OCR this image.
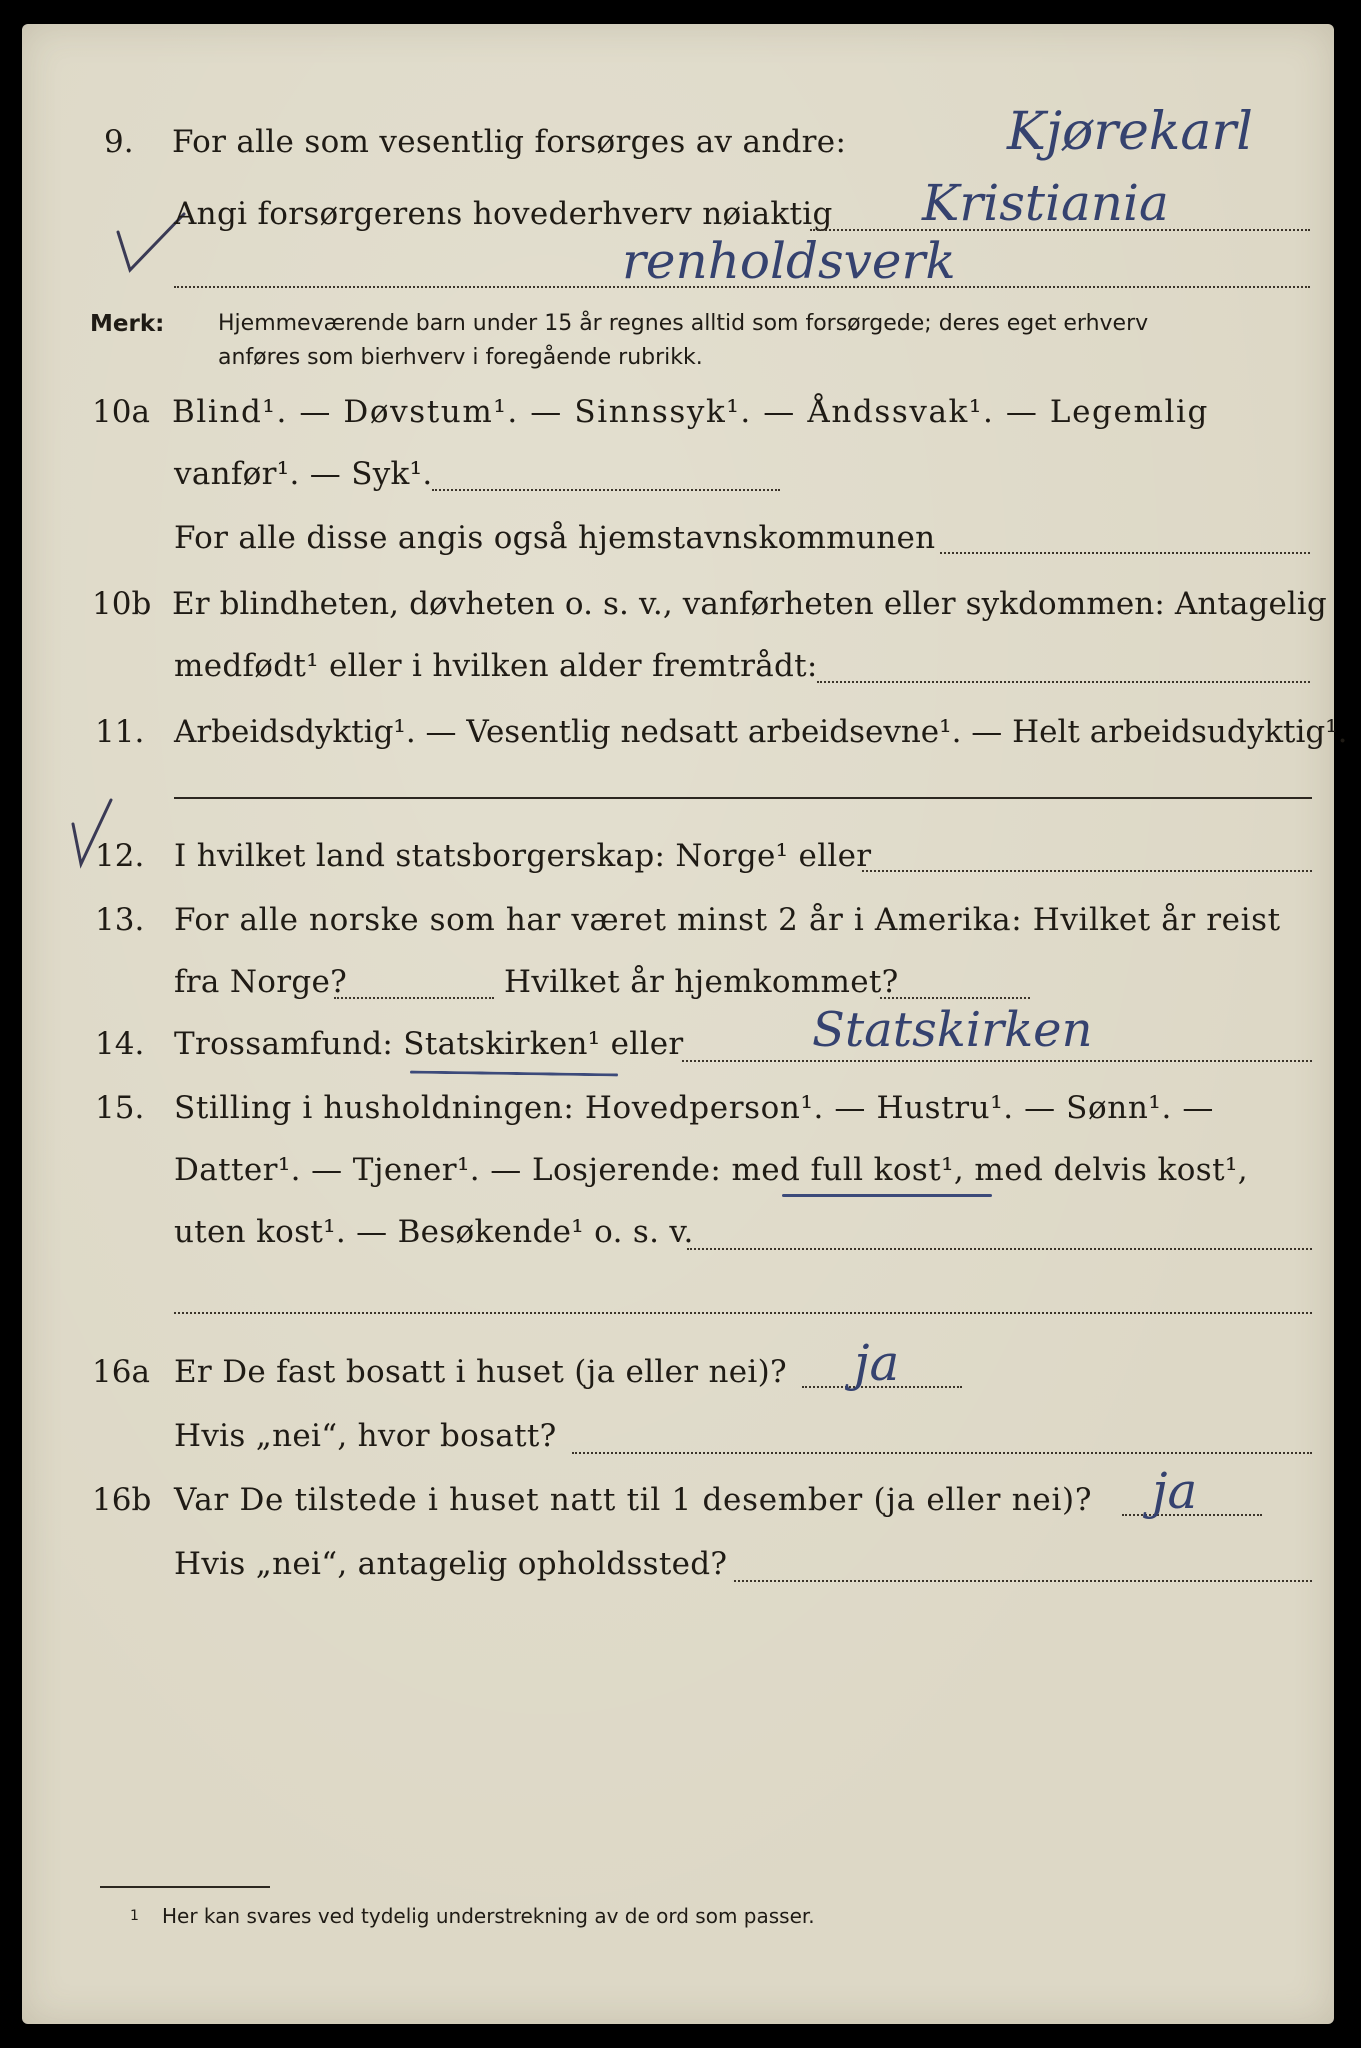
9. For alle som vesentlig forsørges av andre:	Kjørekarl
Angi forsørgerens hovederhverv nøiaktig Kristiania
renholdsverk
Merk: Hjemmeværende barn under 15 år regnes alltid som forsørgede; deres eget erhverv
anføres som bierhverv i foregående rubrikk.
10a Blind¹. — Døvstum¹. — Sinnssyk¹. — Åndssvak¹. — Legemlig
vanfør¹. — Syk¹.
For alle disse angis også hjemstavnskommunen
10b Er blindheten, døvheten o. s. v., vanførheten eller sykdommen: Antagelig
medfødt¹ eller i hvilken alder fremtrådt:
11. Arbeidsdyktig¹. — Vesentlig nedsatt arbeidsevne¹. — Helt arbeidsudyktig¹.
12. I hvilket land statsborgerskap: Norge¹ eller
13. For alle norske som har været minst 2 år i Amerika: Hvilket år reist
fra Norge?	Hvilket år hjemkommet?
14. Trossamfund: Statskirken¹ eller	Statskirken
15. Stilling i husholdningen: Hovedperson¹. — Hustru¹. — Sønn¹. —
Datter¹. — Tjener¹. — Losjerende: med full kost¹, med delvis kost¹,
uten kost¹. — Besøkende¹ o. s. v.
16a Er De fast bosatt i huset (ja eller nei)? ja
Hvis „nei“, hvor bosatt?
16b Var De tilstede i huset natt til 1 desember (ja eller nei)? ja
Hvis „nei“, antagelig opholdssted?
1 Her kan svares ved tydelig understrekning av de ord som passer.
